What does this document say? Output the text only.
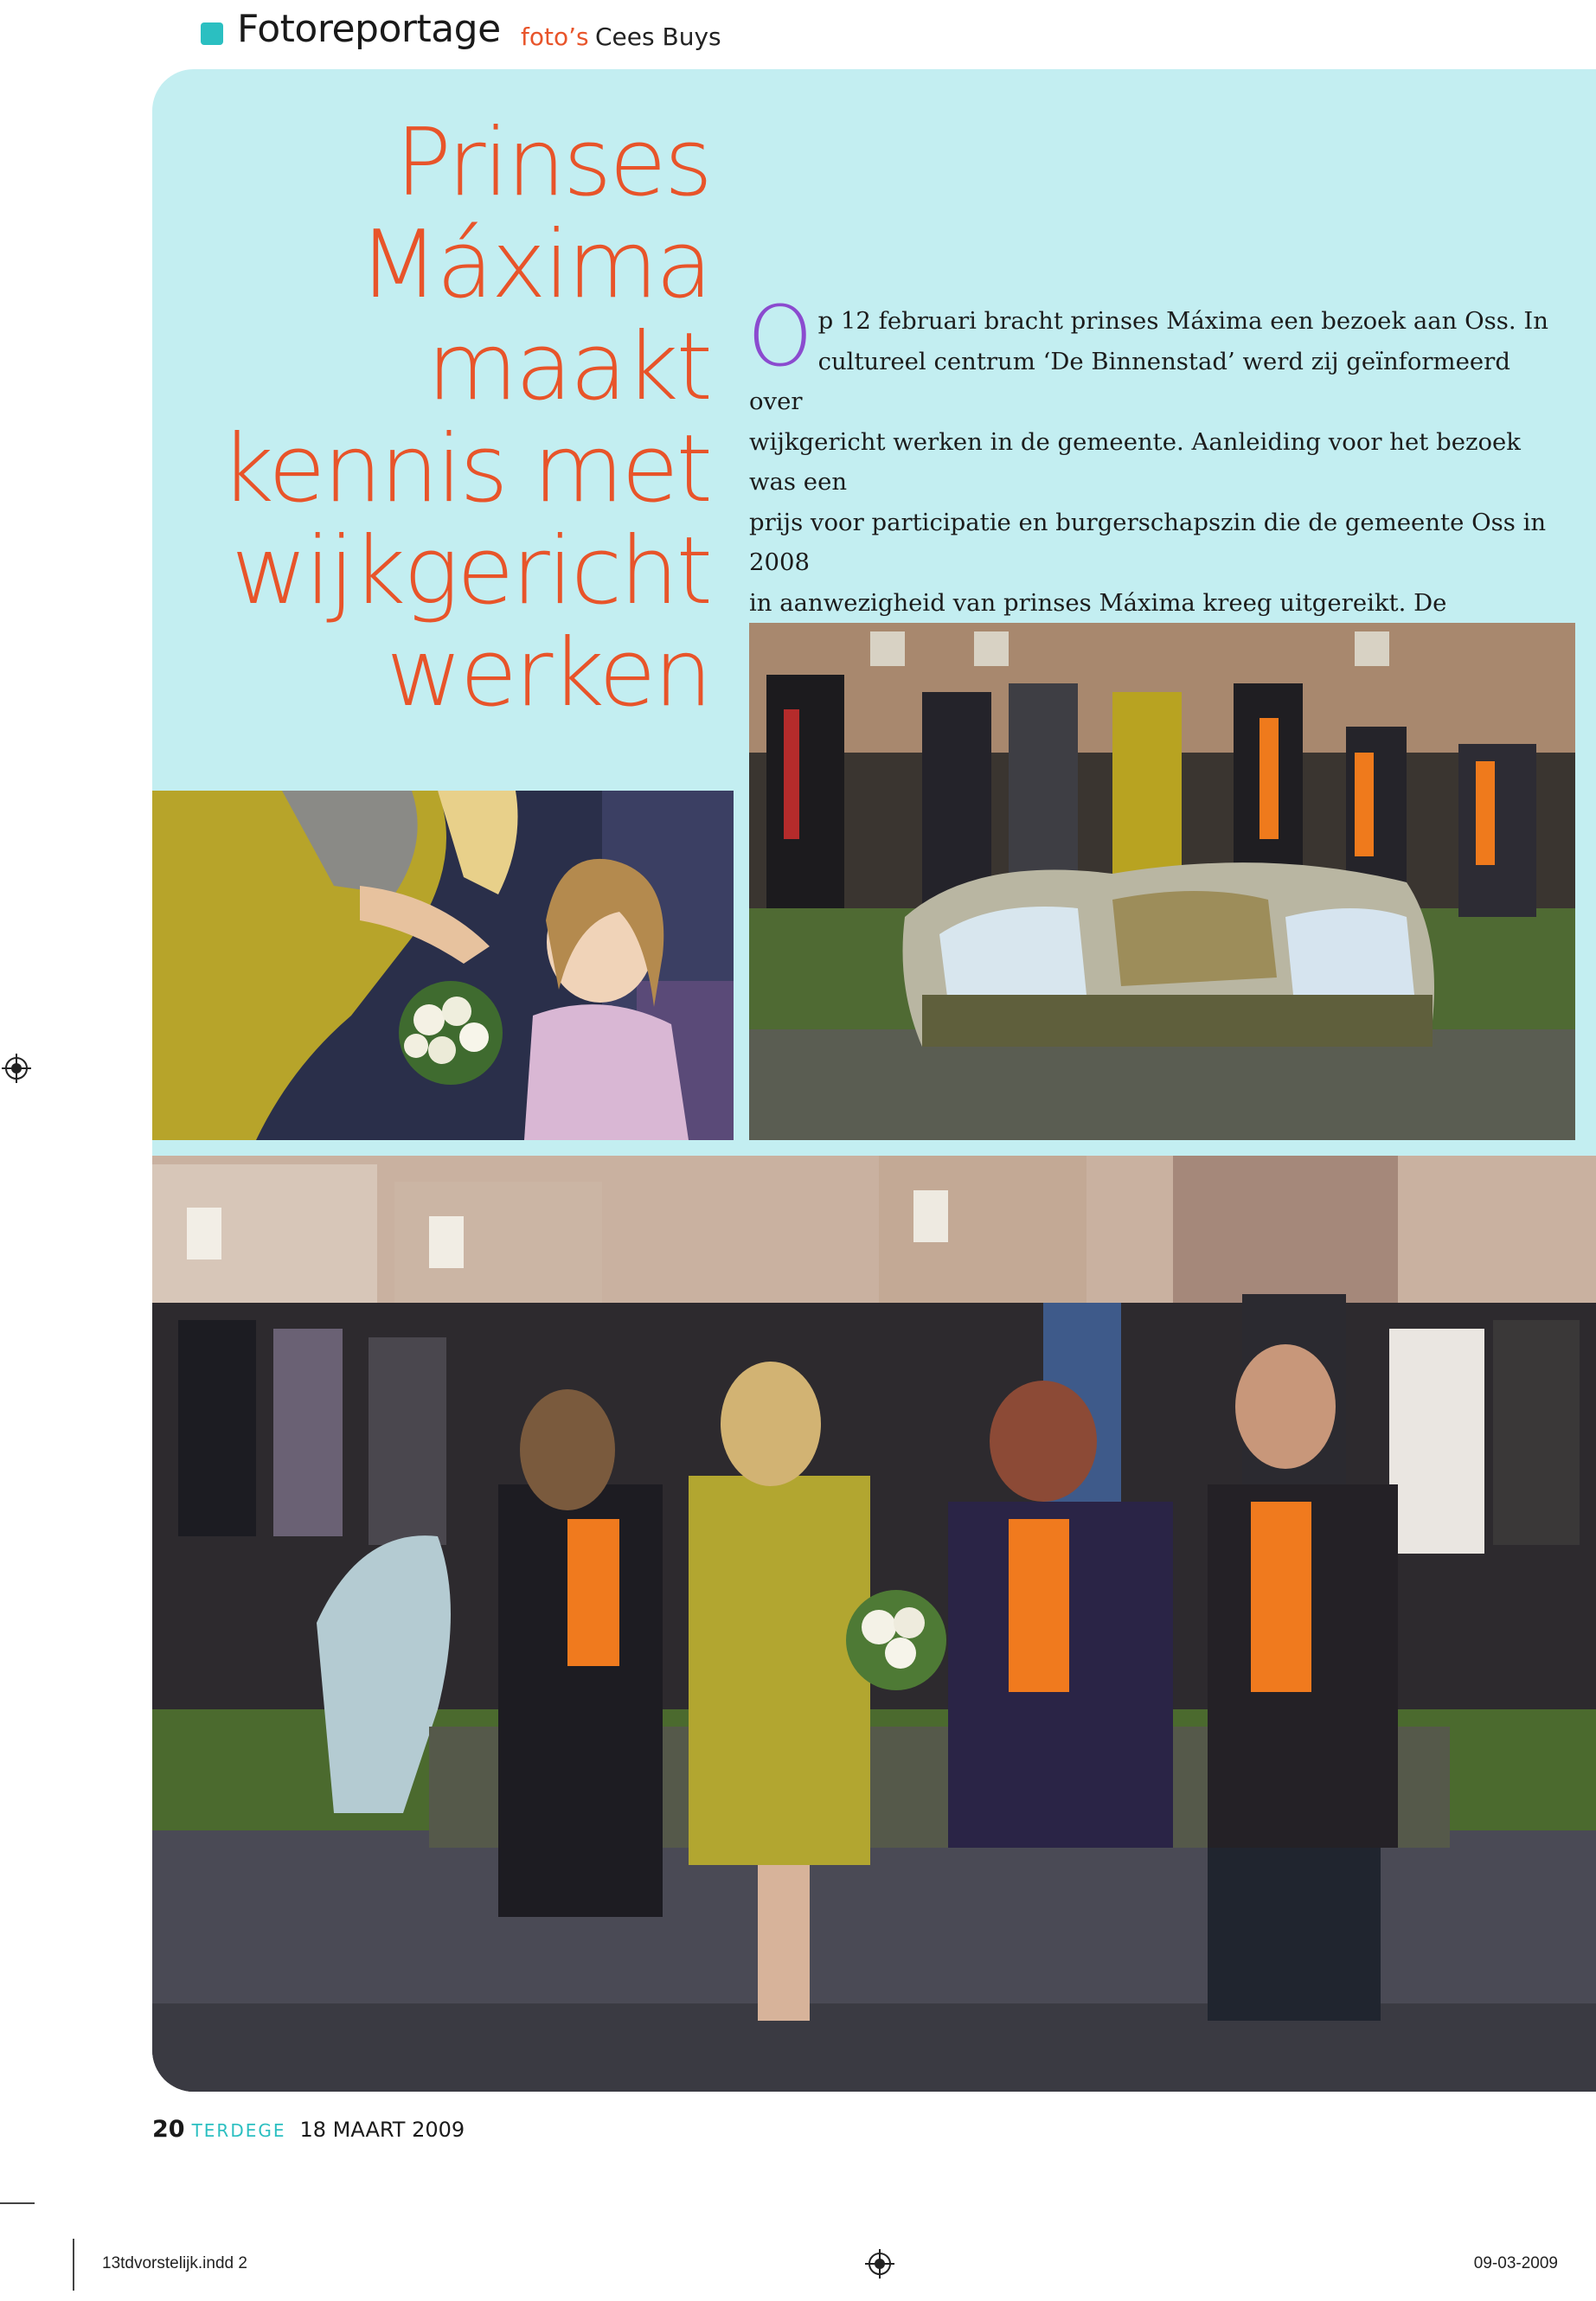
Fotoreportage foto’s Cees Buys
Prinses
Máxima
maakt
kennis met
wijkgericht
werken
O p 12 februari bracht prinses Máxima een bezoek aan Oss. In
cultureel centrum ‘De Binnenstad’ werd zij geïnformeerd over
wijkgericht werken in de gemeente. Aanleiding voor het bezoek was een
prijs voor participatie en burgerschapszin die de gemeente Oss in 2008
in aanwezigheid van prinses Máxima kreeg uitgereikt. De

20 TERDEGE 18 MAART 2009
13tdvorstelijk.indd 2	09-03-2009
